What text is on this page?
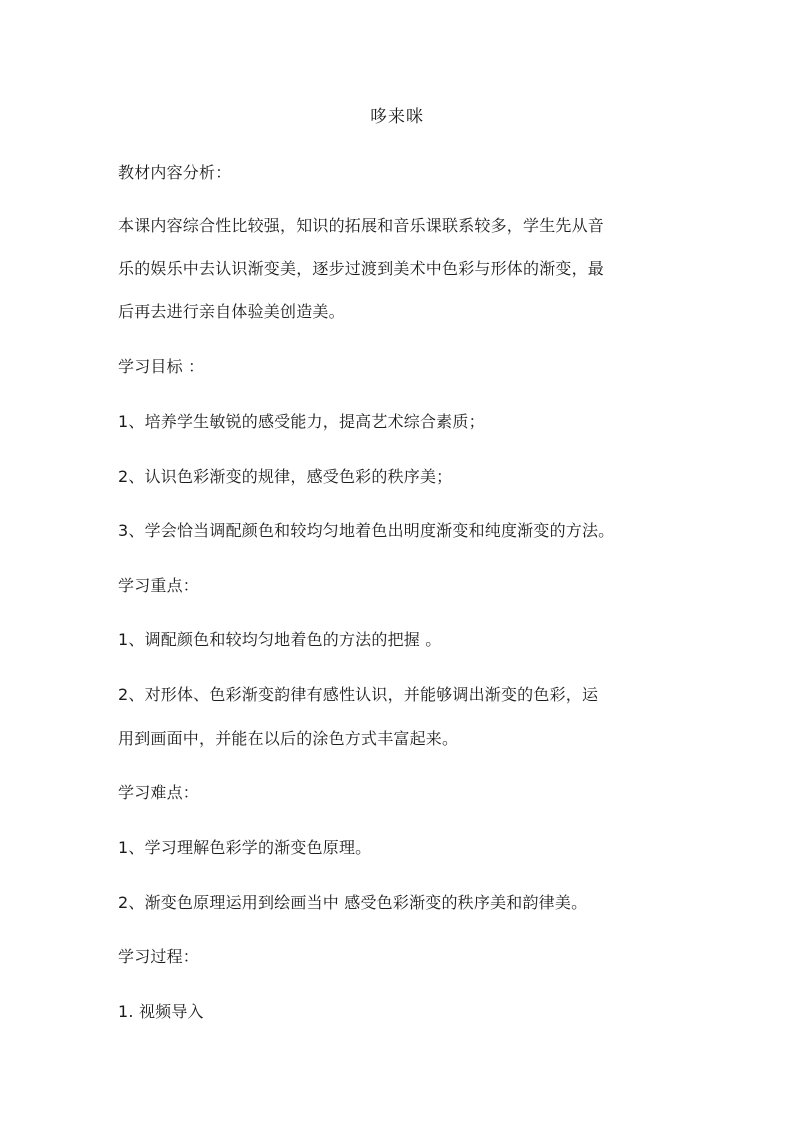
哆来咪
教材内容分析：
本课内容综合性比较强，知识的拓展和音乐课联系较多，学生先从音
乐的娱乐中去认识渐变美，逐步过渡到美术中色彩与形体的渐变，最
后再去进行亲自体验美创造美。
学习目标 ：
1、培养学生敏锐的感受能力，提高艺术综合素质；
2、认识色彩渐变的规律，感受色彩的秩序美；
3、学会恰当调配颜色和较均匀地着色出明度渐变和纯度渐变的方法。
学习重点：
1、调配颜色和较均匀地着色的方法的把握 。
2、对形体、色彩渐变韵律有感性认识，并能够调出渐变的色彩，运
用到画面中，并能在以后的涂色方式丰富起来。
学习难点：
1、学习理解色彩学的渐变色原理。
2、渐变色原理运用到绘画当中 感受色彩渐变的秩序美和韵律美。
学习过程：
1. 视频导入
